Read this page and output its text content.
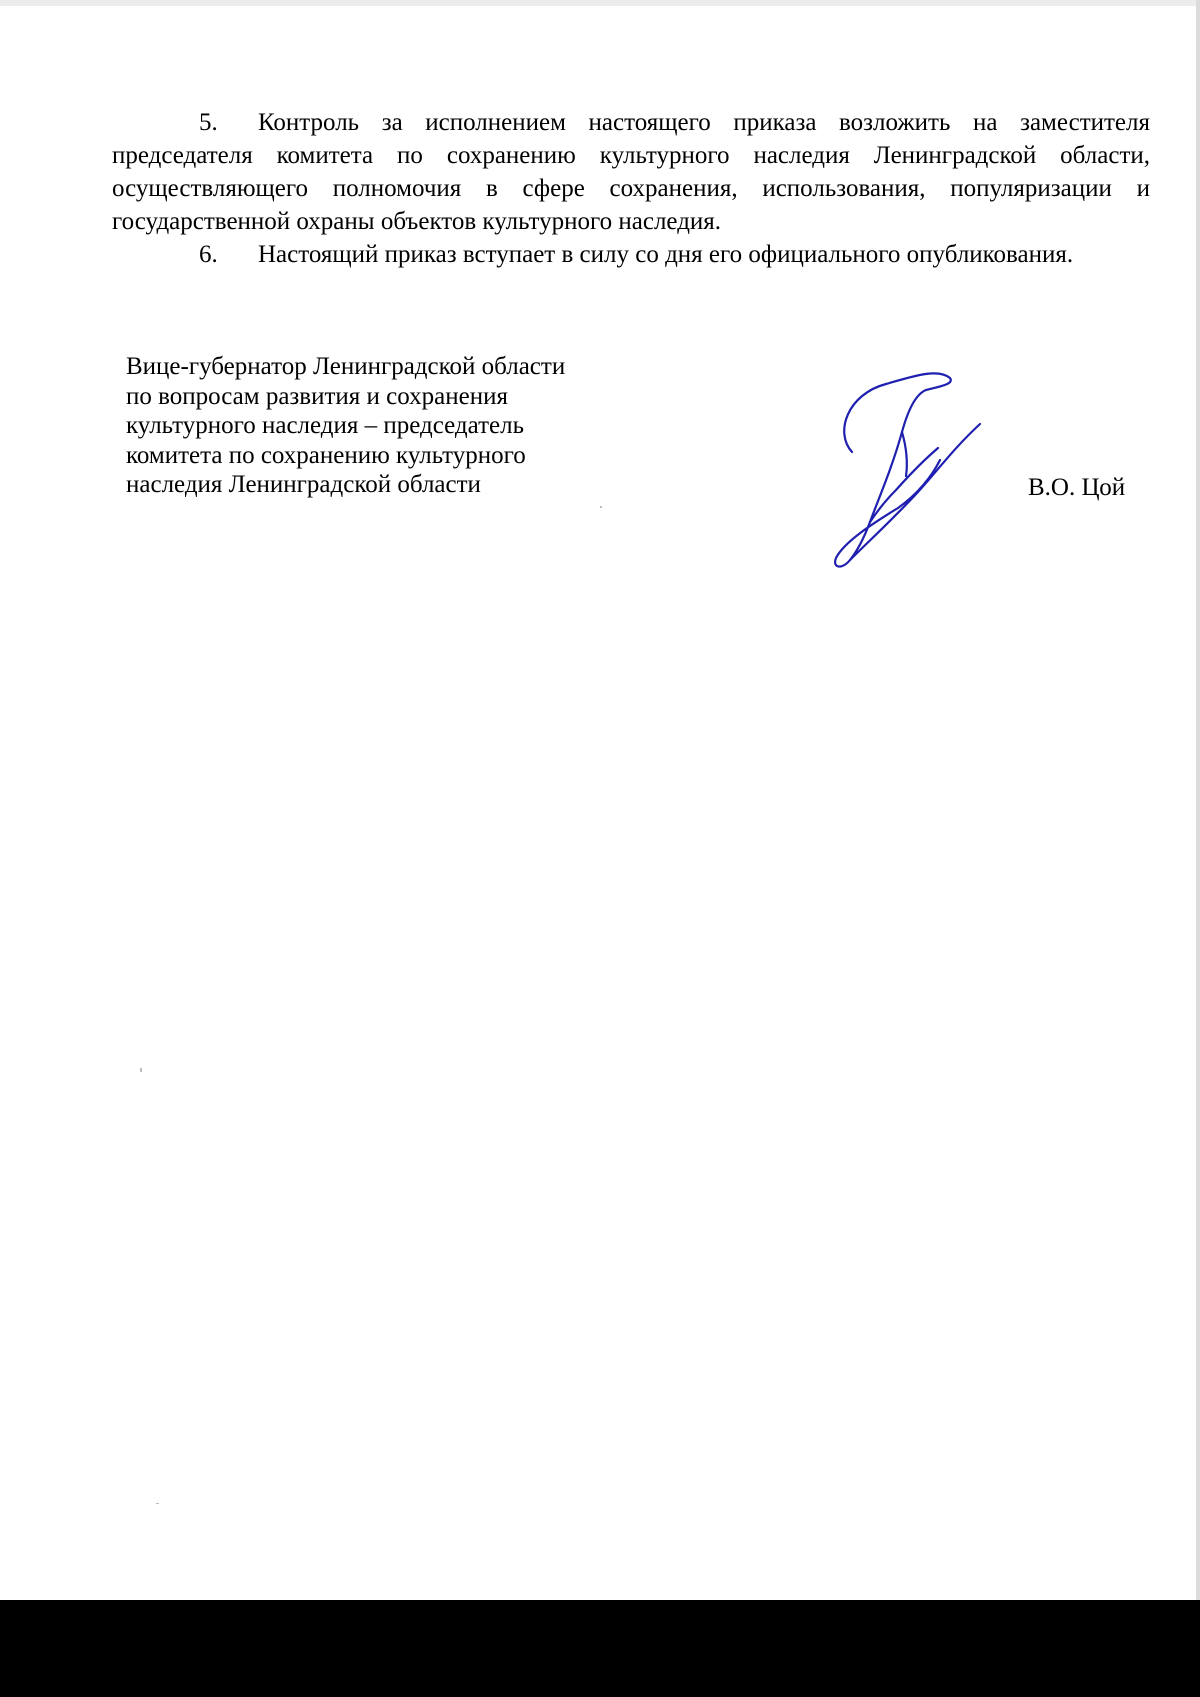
5. Контроль за исполнением настоящего приказа возложить на заместителя председателя комитета по сохранению культурного наследия Ленинградской области, осуществляющего полномочия в сфере сохранения, использования, популяризации и государственной охраны объектов культурного наследия.

6. Настоящий приказ вступает в силу со дня его официального опубликования.

Вице-губернатор Ленинградской области
по вопросам развития и сохранения
культурного наследия – председатель
комитета по сохранению культурного
наследия Ленинградской области	В.О. Цой
